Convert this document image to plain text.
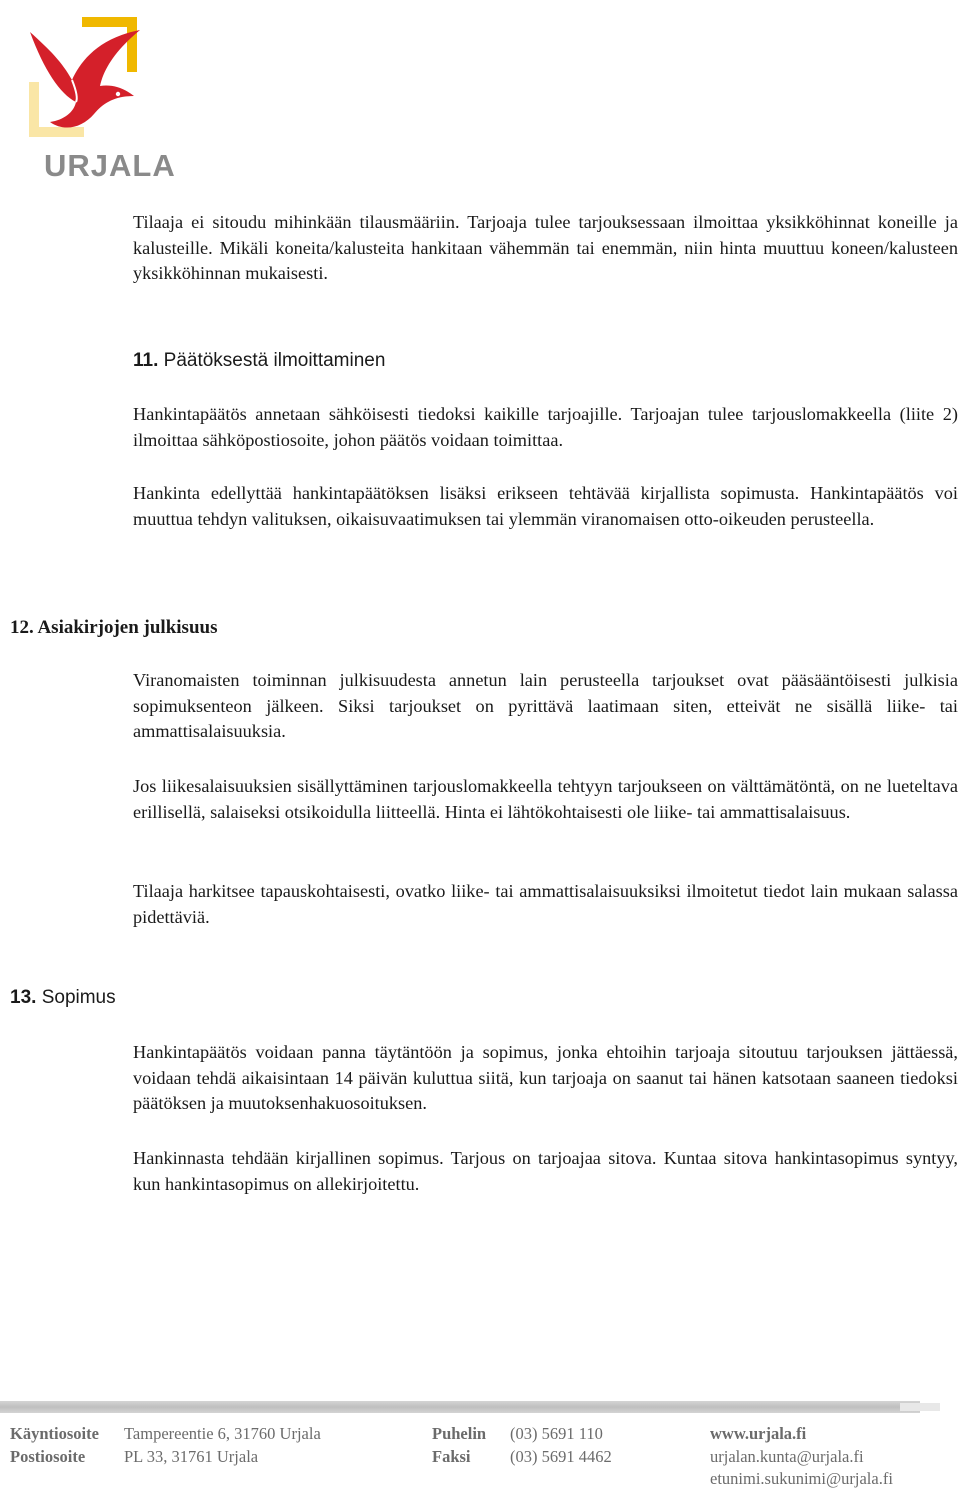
URJALA

Tilaaja ei sitoudu mihinkään tilausmääriin. Tarjoaja tulee tarjouksessaan ilmoittaa yksikköhinnat koneille ja kalusteille. Mikäli koneita/kalusteita hankitaan vähemmän tai enemmän, niin hinta muuttuu koneen/kalusteen yksikköhinnan mukaisesti.

11. Päätöksestä ilmoittaminen

Hankintapäätös annetaan sähköisesti tiedoksi kaikille tarjoajille. Tarjoajan tulee tarjouslomakkeella (liite 2) ilmoittaa sähköpostiosoite, johon päätös voidaan toimittaa.

Hankinta edellyttää hankintapäätöksen lisäksi erikseen tehtävää kirjallista sopimusta. Hankintapäätös voi muuttua tehdyn valituksen, oikaisuvaatimuksen tai ylemmän viranomaisen otto-oikeuden perusteella.

12. Asiakirjojen julkisuus

Viranomaisten toiminnan julkisuudesta annetun lain perusteella tarjoukset ovat pääsääntöisesti julkisia sopimuksenteon jälkeen. Siksi tarjoukset on pyrittävä laatimaan siten, etteivät ne sisällä liike- tai ammattisalaisuuksia.

Jos liikesalaisuuksien sisällyttäminen tarjouslomakkeella tehtyyn tarjoukseen on välttämätöntä, on ne lueteltava erillisellä, salaiseksi otsikoidulla liitteellä. Hinta ei lähtökohtaisesti ole liike- tai ammattisalaisuus.

Tilaaja harkitsee tapauskohtaisesti, ovatko liike- tai ammattisalaisuuksiksi ilmoitetut tiedot lain mukaan salassa pidettäviä.

13. Sopimus

Hankintapäätös voidaan panna täytäntöön ja sopimus, jonka ehtoihin tarjoaja sitoutuu tarjouksen jättäessä, voidaan tehdä aikaisintaan 14 päivän kuluttua siitä, kun tarjoaja on saanut tai hänen katsotaan saaneen tiedoksi päätöksen ja muutoksenhakuosoituksen.

Hankinnasta tehdään kirjallinen sopimus. Tarjous on tarjoajaa sitova. Kuntaa sitova hankintasopimus syntyy, kun hankintasopimus on allekirjoitettu.

Käyntiosoite Tampereentie 6, 31760 Urjala	Puhelin (03) 5691 110	www.urjala.fi
Postiosoite PL 33, 31761 Urjala	Faksi (03) 5691 4462	urjalan.kunta@urjala.fi
etunimi.sukunimi@urjala.fi
